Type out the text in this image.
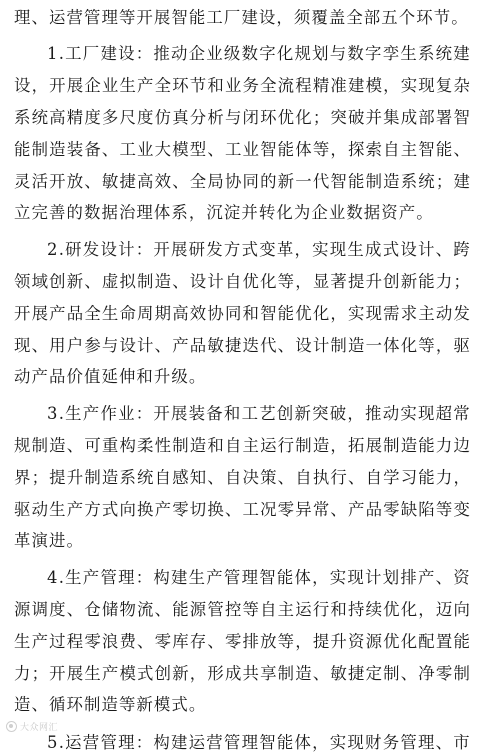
理、运营管理等开展智能工厂建设，须覆盖全部五个环节。
1 . 工 厂 建 设 ： 推 动 企 业 级 数 字 化 规 划 与 数 字 孪 生 系 统 建
设 ， 开 展 企 业 生 产 全 环 节 和 业 务 全 流 程 精 准 建 模 ， 实 现 复 杂
系 统 高 精 度 多 尺 度 仿 真 分 析 与 闭 环 优 化 ； 突 破 并 集 成 部 署 智
能 制 造 装 备 、 工 业 大 模 型 、 工 业 智 能 体 等 ， 探 索 自 主 智 能 、
灵 活 开 放 、 敏 捷 高 效 、 全 局 协 同 的 新 一 代 智 能 制 造 系 统 ； 建
立完善的数据治理体系，沉淀并转化为企业数据资产。
2 . 研 发 设 计 ： 开 展 研 发 方 式 变 革 ， 实 现 生 成 式 设 计 、 跨
领 域 创 新 、 虚 拟 制 造 、 设 计 自 优 化 等 ， 显 著 提 升 创 新 能 力 ；
开 展 产 品 全 生 命 周 期 高 效 协 同 和 智 能 优 化 ， 实 现 需 求 主 动 发
现 、 用 户 参 与 设 计 、 产 品 敏 捷 迭 代 、 设 计 制 造 一 体 化 等 ， 驱
动产品价值延伸和升级。
3 . 生 产 作 业 ： 开 展 装 备 和 工 艺 创 新 突 破 ， 推 动 实 现 超 常
规 制 造 、 可 重 构 柔 性 制 造 和 自 主 运 行 制 造 ， 拓 展 制 造 能 力 边
界 ； 提 升 制 造 系 统 自 感 知 、 自 决 策 、 自 执 行 、 自 学 习 能 力 ，
驱 动 生 产 方 式 向 换 产 零 切 换 、 工 况 零 异 常 、 产 品 零 缺 陷 等 变
革演进。
4 . 生 产 管 理 ： 构 建 生 产 管 理 智 能 体 ， 实 现 计 划 排 产 、 资
源 调 度 、 仓 储 物 流 、 能 源 管 控 等 自 主 运 行 和 持 续 优 化 ， 迈 向
生 产 过 程 零 浪 费 、 零 库 存 、 零 排 放 等 ， 提 升 资 源 优 化 配 置 能
力 ； 开 展 生 产 模 式 创 新 ， 形 成 共 享 制 造 、 敏 捷 定 制 、 净 零 制
造、循环制造等新模式。
5 . 运 营 管 理 ： 构 建 运 营 管 理 智 能 体 ， 实 现 财 务 管 理 、 市
大众网汇
